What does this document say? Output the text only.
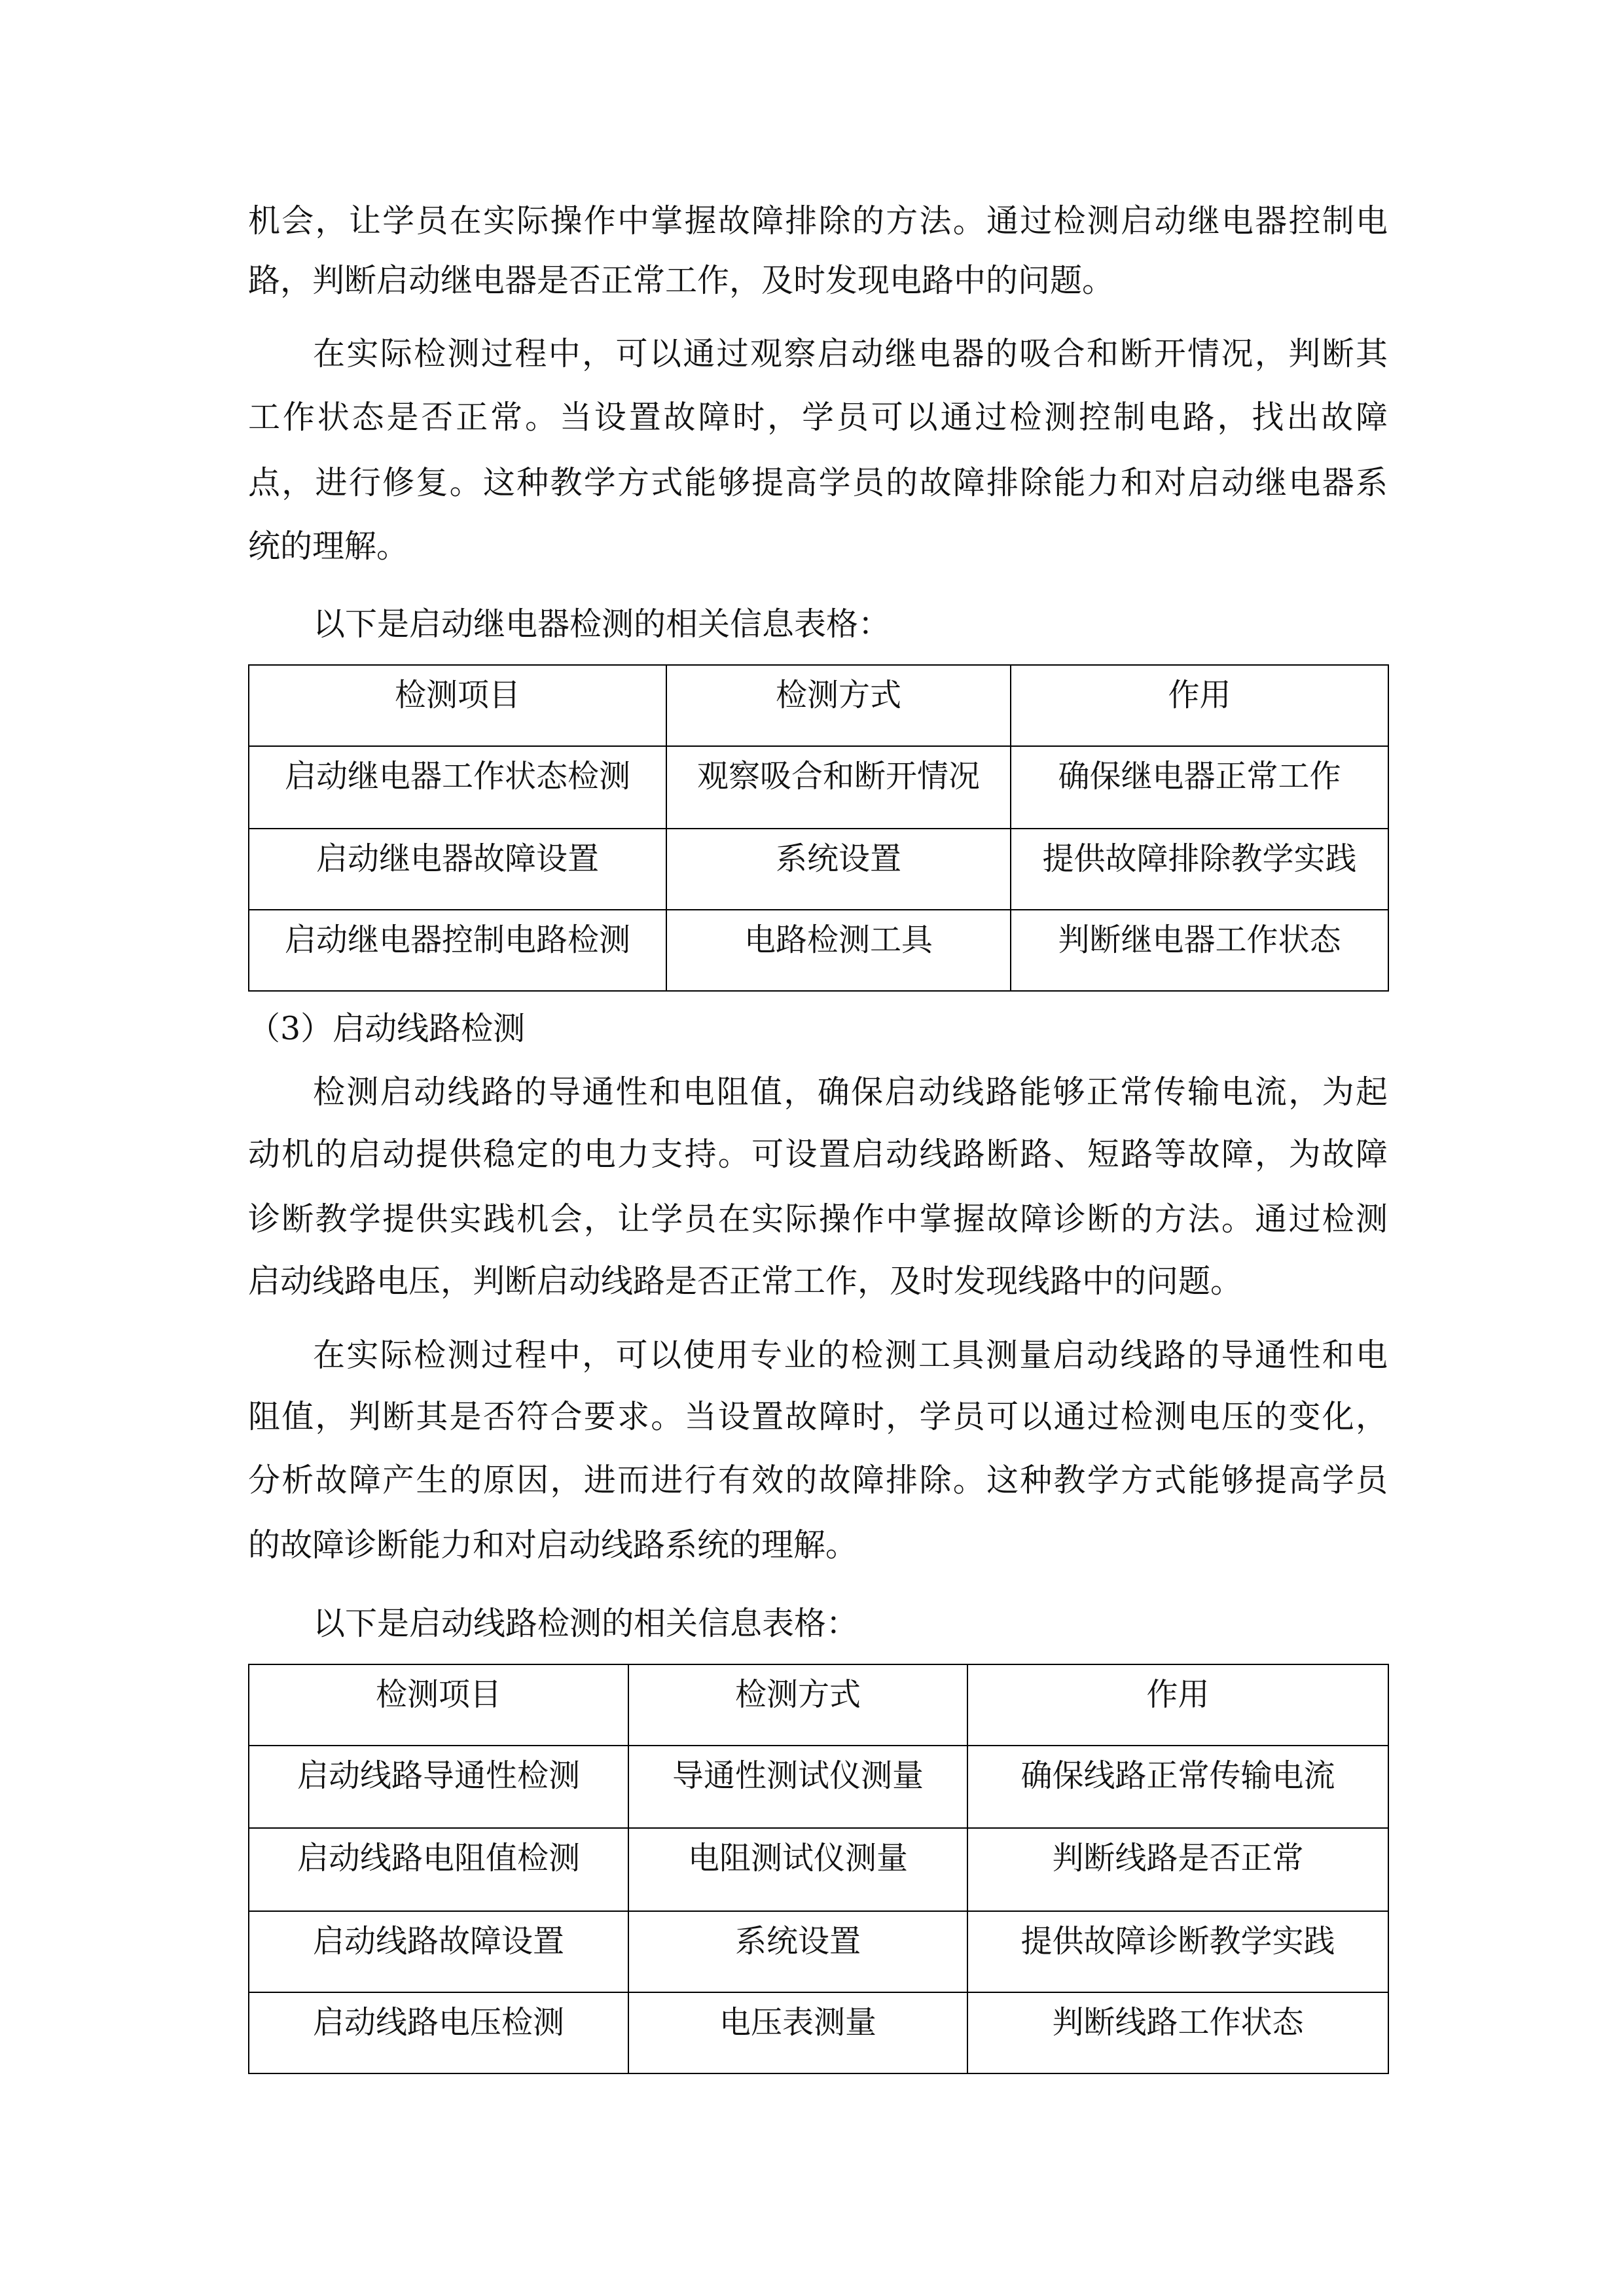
机会，让学员在实际操作中掌握故障排除的方法。通过检测启动继电器控制电
路，判断启动继电器是否正常工作，及时发现电路中的问题。
在实际检测过程中，可以通过观察启动继电器的吸合和断开情况，判断其
工作状态是否正常。当设置故障时，学员可以通过检测控制电路，找出故障
点，进行修复。这种教学方式能够提高学员的故障排除能力和对启动继电器系
统的理解。
以下是启动继电器检测的相关信息表格：
（3）启动线路检测
检测启动线路的导通性和电阻值，确保启动线路能够正常传输电流，为起
动机的启动提供稳定的电力支持。可设置启动线路断路、短路等故障，为故障
诊断教学提供实践机会，让学员在实际操作中掌握故障诊断的方法。通过检测
启动线路电压，判断启动线路是否正常工作，及时发现线路中的问题。
在实际检测过程中，可以使用专业的检测工具测量启动线路的导通性和电
阻值，判断其是否符合要求。当设置故障时，学员可以通过检测电压的变化，
分析故障产生的原因，进而进行有效的故障排除。这种教学方式能够提高学员
的故障诊断能力和对启动线路系统的理解。
以下是启动线路检测的相关信息表格：
检测项目	检测方式	作用
启动继电器工作状态检测	观察吸合和断开情况	确保继电器正常工作
启动继电器故障设置	系统设置	提供故障排除教学实践
启动继电器控制电路检测	电路检测工具	判断继电器工作状态
检测项目	检测方式	作用
启动线路导通性检测	导通性测试仪测量	确保线路正常传输电流
启动线路电阻值检测	电阻测试仪测量	判断线路是否正常
启动线路故障设置	系统设置	提供故障诊断教学实践
启动线路电压检测	电压表测量	判断线路工作状态
